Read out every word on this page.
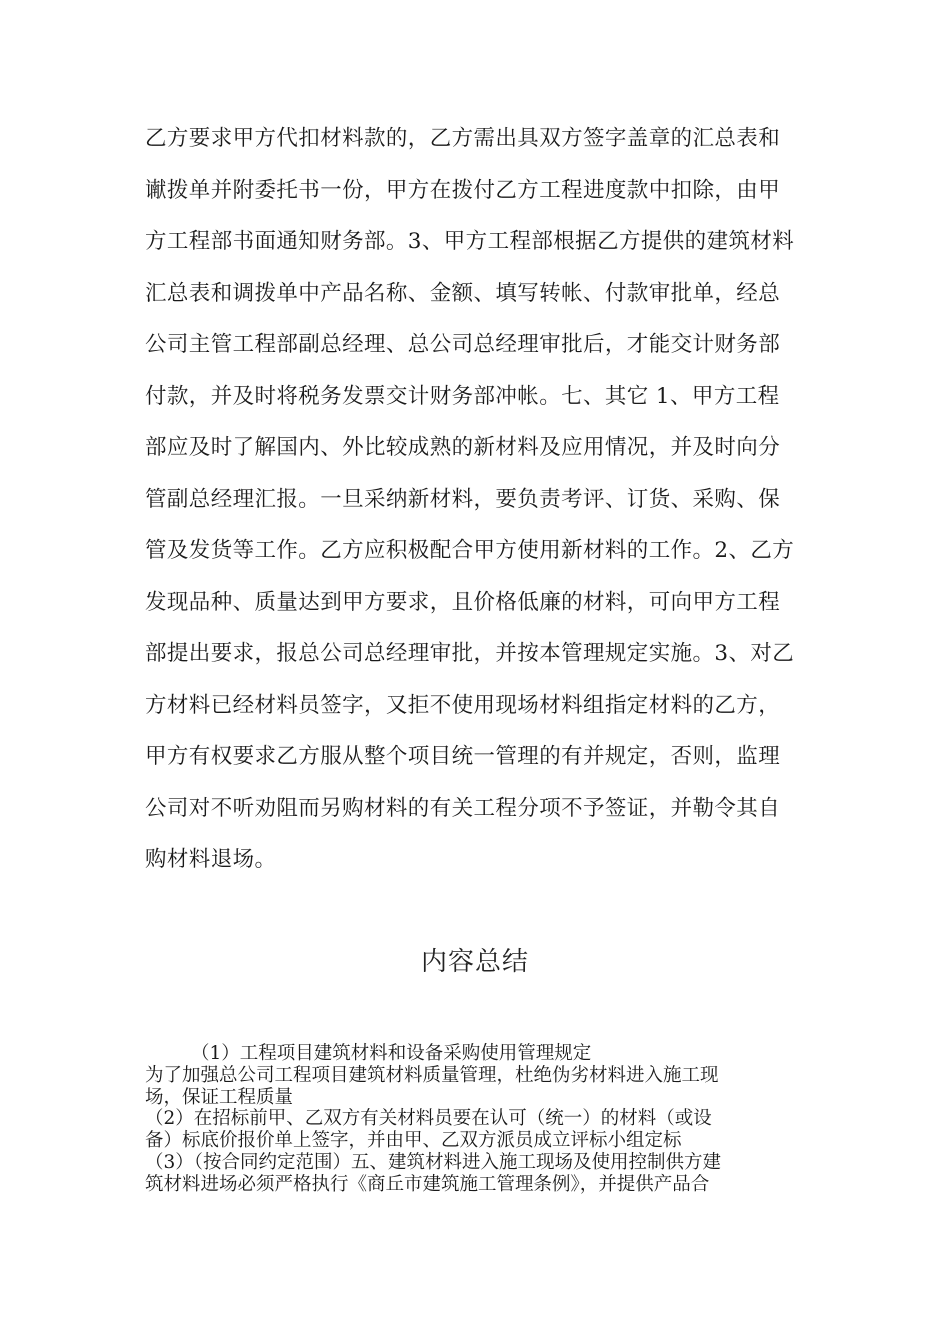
乙方要求甲方代扣材料款的，乙方需出具双方签字盖章的汇总表和
谳拨单并附委托书一份，甲方在拨付乙方工程进度款中扣除，由甲
方工程部书面通知财务部。3、甲方工程部根据乙方提供的建筑材料
汇总表和调拨单中产品名称、金额、填写转帐、付款审批单，经总
公司主管工程部副总经理、总公司总经理审批后，才能交计财务部
付款，并及时将税务发票交计财务部冲帐。七、其它 1、甲方工程
部应及时了解国内、外比较成熟的新材料及应用情况，并及时向分
管副总经理汇报。一旦采纳新材料，要负责考评、订货、采购、保
管及发货等工作。乙方应积极配合甲方使用新材料的工作。2、乙方
发现品种、质量达到甲方要求，且价格低廉的材料，可向甲方工程
部提出要求，报总公司总经理审批，并按本管理规定实施。3、对乙
方材料已经材料员签字，又拒不使用现场材料组指定材料的乙方，
甲方有权要求乙方服从整个项目统一管理的有并规定，否则，监理
公司对不听劝阻而另购材料的有关工程分项不予签证，并勒令其自
购材料退场。
内容总结
（1）工程项目建筑材料和设备采购使用管理规定
为了加强总公司工程项目建筑材料质量管理，杜绝伪劣材料进入施工现
场，保证工程质量
（2）在招标前甲、乙双方有关材料员要在认可（统一）的材料（或设
备）标底价报价单上签字，并由甲、乙双方派员成立评标小组定标
（3）（按合同约定范围）五、建筑材料进入施工现场及使用控制供方建
筑材料进场必须严格执行《商丘市建筑施工管理条例》，并提供产品合
